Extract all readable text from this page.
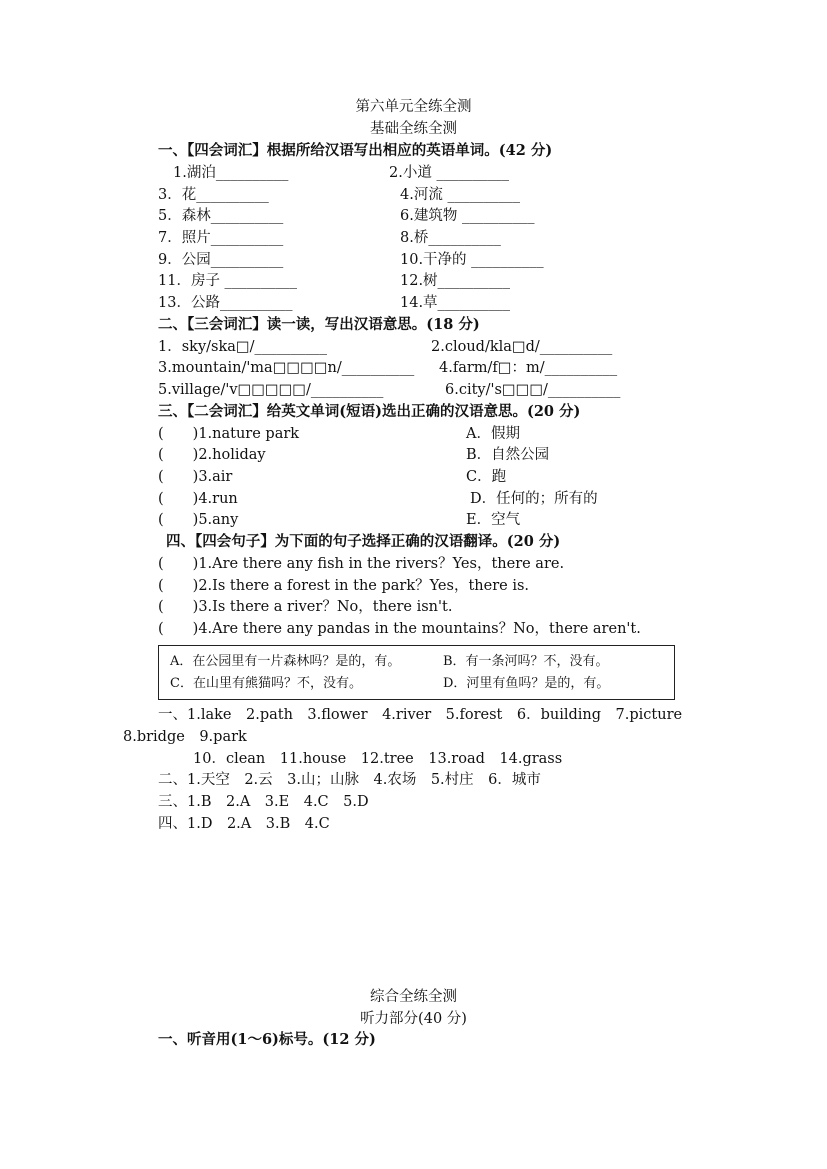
第六单元全练全测
基础全练全测
一、【四会词汇】根据所给汉语写出相应的英语单词。(42 分)
1.湖泊__________	2.小道 __________
3．花__________	4.河流 __________
5．森林__________	6.建筑物 __________
7．照片__________	8.桥__________
9．公园__________	10.干净的 __________
11．房子 __________	12.树__________
13．公路__________	14.草__________
二、【三会词汇】读一读，写出汉语意思。(18 分)
1．sky/ska□/__________	2.cloud/kla□d/__________
3.mountain/'ma□□□□n/__________ 4.farm/f□：m/__________
5.village/'v□□□□□/__________	6.city/'s□□□/__________
三、【二会词汇】给英文单词(短语)选出正确的汉语意思。(20 分)
(　　)1.nature park	A．假期
(　　)2.holiday	B．自然公园
(　　)3.air	C．跑
(　　)4.run	D．任何的；所有的
(　　)5.any	E．空气
四、【四会句子】为下面的句子选择正确的汉语翻译。(20 分)
(　　)1.Are there any fish in the rivers？Yes，there are.
(　　)2.Is there a forest in the park？Yes，there is.
(　　)3.Is there a river？No，there isn't.
(　　)4.Are there any pandas in the mountains？No，there aren't.
A．在公园里有一片森林吗？是的，有。	B．有一条河吗？不，没有。
C．在山里有熊猫吗？不，没有。	D．河里有鱼吗？是的，有。
一、1.lake　2.path　3.flower　4.river　5.forest　6．building　7.picture
8.bridge　9.park
10．clean　11.house　12.tree　13.road　14.grass
二、1.天空　2.云　3.山；山脉　4.农场　5.村庄　6．城市
三、1.B　2.A　3.E　4.C　5.D
四、1.D　2.A　3.B　4.C
综合全练全测
听力部分(40 分)
一、听音用(1～6)标号。(12 分)
